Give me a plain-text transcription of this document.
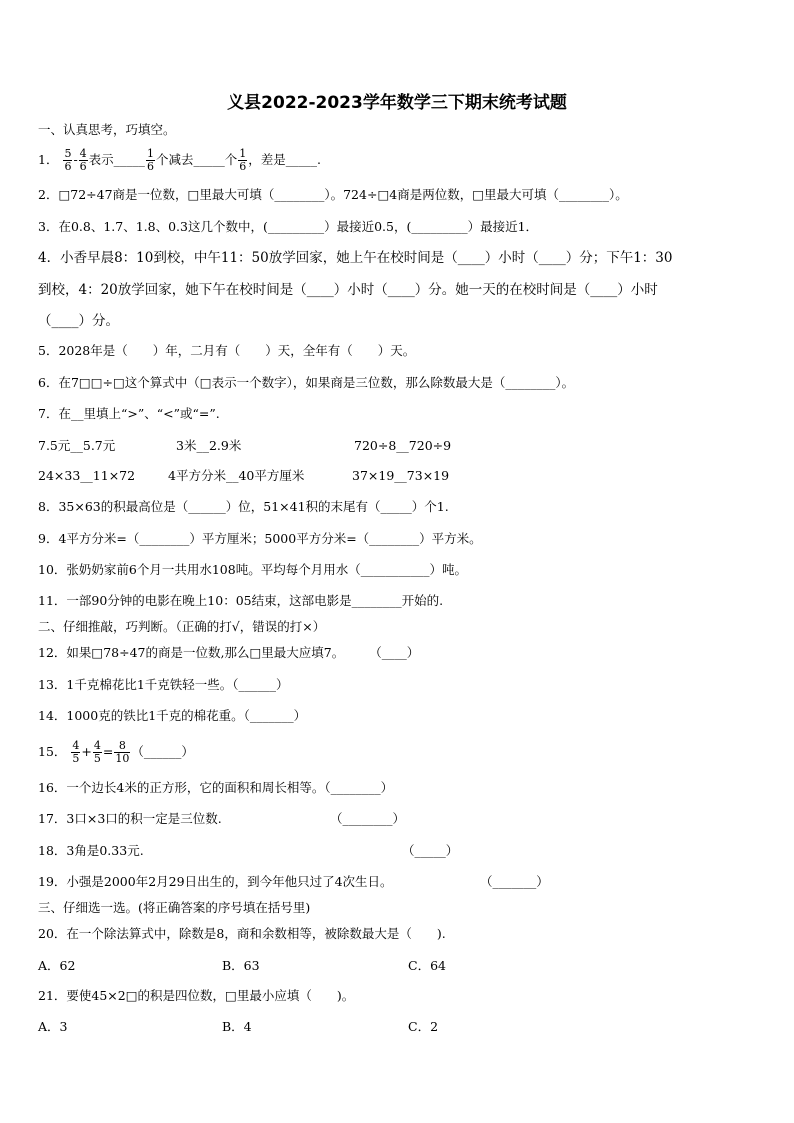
义县2022-2023学年数学三下期末统考试题
一、认真思考，巧填空。
1． $\frac{5}{6} - \frac{4}{6}$ 表示_____ $\frac{1}{6}$ 个减去_____个 $\frac{1}{6}$ ，差是_____.
2．□72÷47商是一位数，□里最大可填（________）。724÷□4商是两位数，□里最大可填（________）。
3．在0.8、1.7、1.8、0.3这几个数中，(_________）最接近0.5，(_________）最接近1．
4．小香早晨8：10到校，中午11：50放学回家，她上午在校时间是（____）小时（____）分；下午1：30
到校，4：20放学回家，她下午在校时间是（____）小时（____）分。她一天的在校时间是（____）小时
（____）分。
5．2028年是（　　）年，二月有（　　）天，全年有（　　）天。
6．在7□□÷□这个算式中（□表示一个数字），如果商是三位数，那么除数最大是（________）。
7．在__里填上“>”、“<”或“=”.
7.5元__5.7元	3米__2.9米	720÷8__720÷9
24×33__11×72	4平方分米__40平方厘米	37×19__73×19
8．35×63的积最高位是（______）位，51×41积的末尾有（_____）个1.
9．4平方分米=（________）平方厘米；5000平方分米=（________）平方米。
10．张奶奶家前6个月一共用水108吨。平均每个月用水（___________）吨。
11．一部90分钟的电影在晚上10：05结束，这部电影是________开始的.
二、仔细推敲，巧判断。（正确的打√，错误的打×）
12．如果□78÷47的商是一位数,那么□里最大应填7。　　　（____）
13．1千克棉花比1千克铁轻一些。（______）
14．1000克的铁比1千克的棉花重。（_______）
15． $\frac{4}{5} + \frac{4}{5} = \frac{8}{10}$ （______）
16．一个边长4米的正方形，它的面积和周长相等。（________）
17．3口×3口的积一定是三位数.	（________）
18．3角是0.33元.	（_____）
19．小强是2000年2月29日出生的，到今年他只过了4次生日。	（_______）
三、仔细选一选。(将正确答案的序号填在括号里)
20．在一个除法算式中，除数是8，商和余数相等，被除数最大是（　　).
A．62	B．63	C．64
21．要使45×2□的积是四位数，□里最小应填（　　)。
A．3	B．4	C．2
